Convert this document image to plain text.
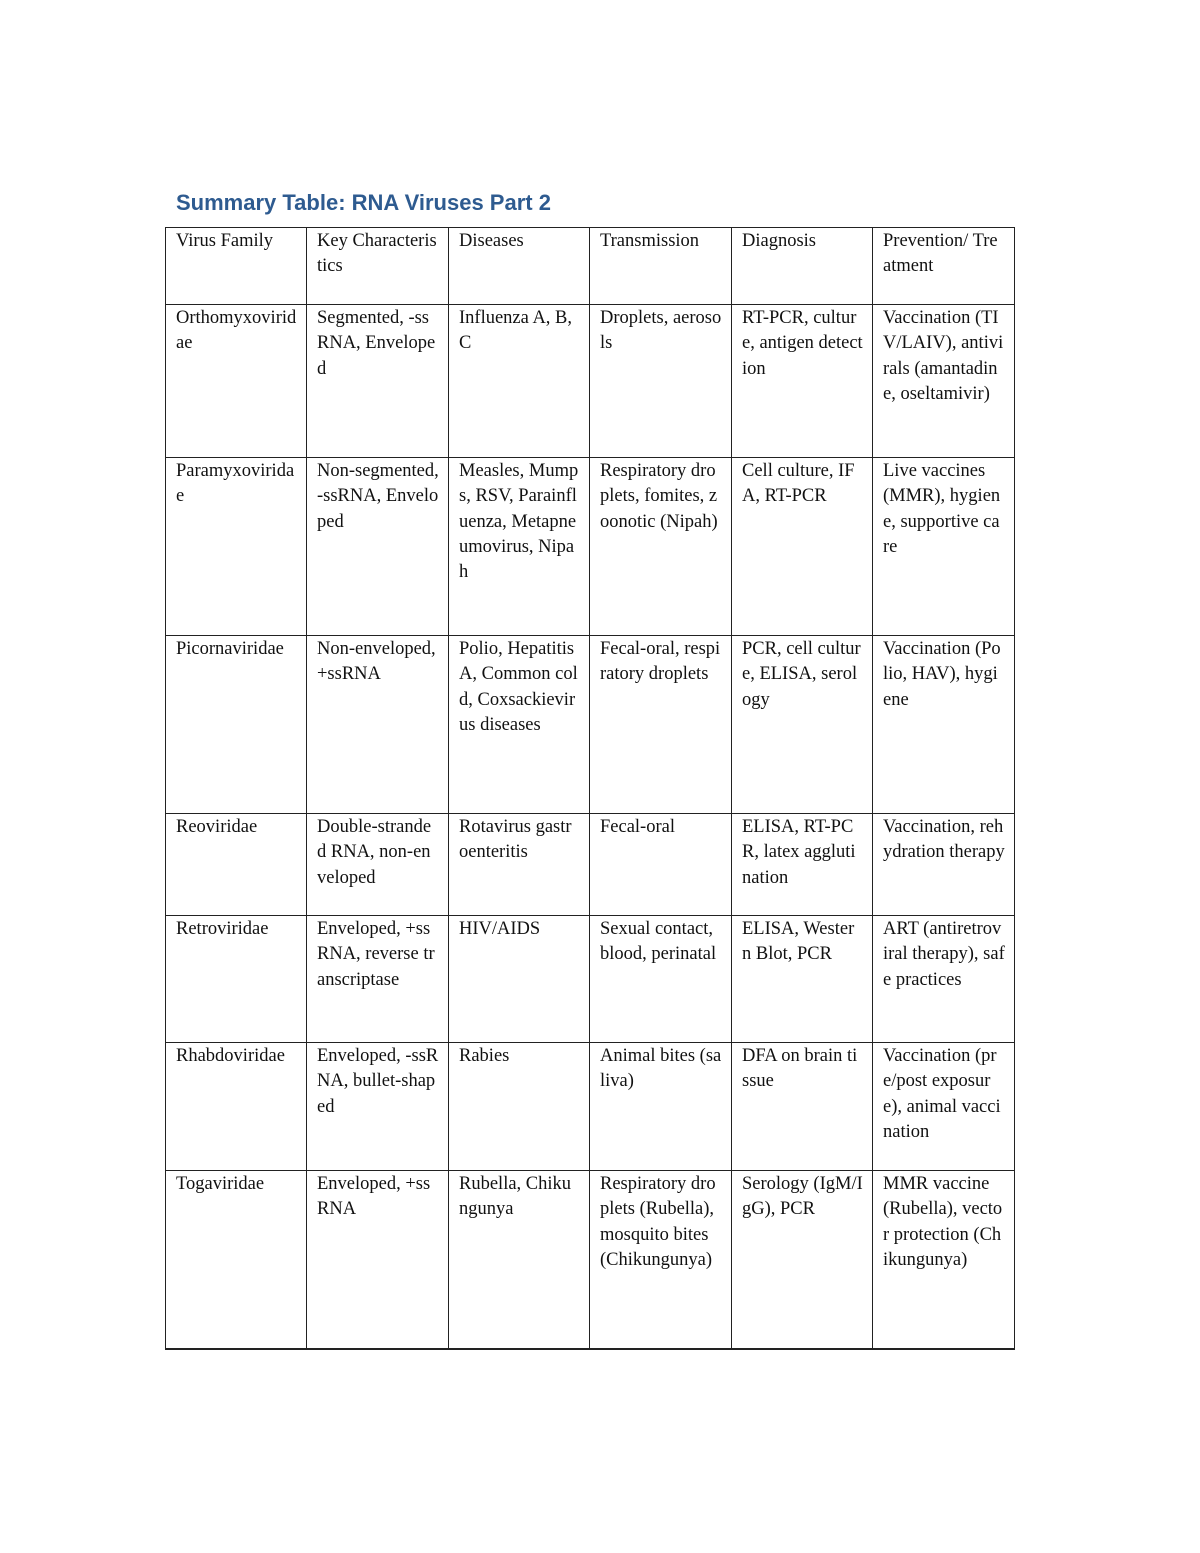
Summary Table: RNA Viruses Part 2
Virus Family	Key Characteristics	Diseases	Transmission	Diagnosis	Prevention/ Treatment
Orthomyxoviridae	Segmented, -ssRNA, Enveloped	Influenza A, B, C	Droplets, aerosols	RT-PCR, culture, antigen detection	Vaccination (TIV/LAIV), antivirals (amantadine, oseltamivir)
Paramyxoviridae	Non-segmented, -ssRNA, Enveloped	Measles, Mumps, RSV, Parainfluenza, Metapneumovirus, Nipah	Respiratory droplets, fomites, zoonotic (Nipah)	Cell culture, IFA, RT-PCR	Live vaccines (MMR), hygiene, supportive care
Picornaviridae	Non-enveloped, +ssRNA	Polio, Hepatitis A, Common cold, Coxsackievirus diseases	Fecal-oral, respiratory droplets	PCR, cell culture, ELISA, serology	Vaccination (Polio, HAV), hygiene
Reoviridae	Double-stranded RNA, non-enveloped	Rotavirus gastroenteritis	Fecal-oral	ELISA, RT-PCR, latex agglutination	Vaccination, rehydration therapy
Retroviridae	Enveloped, +ssRNA, reverse transcriptase	HIV/AIDS	Sexual contact, blood, perinatal	ELISA, Western Blot, PCR	ART (antiretroviral therapy), safe practices
Rhabdoviridae	Enveloped, -ssRNA, bullet-shaped	Rabies	Animal bites (saliva)	DFA on brain tissue	Vaccination (pre/post exposure), animal vaccination
Togaviridae	Enveloped, +ssRNA	Rubella, Chikungunya	Respiratory droplets (Rubella), mosquito bites (Chikungunya)	Serology (IgM/IgG), PCR	MMR vaccine (Rubella), vector protection (Chikungunya)
